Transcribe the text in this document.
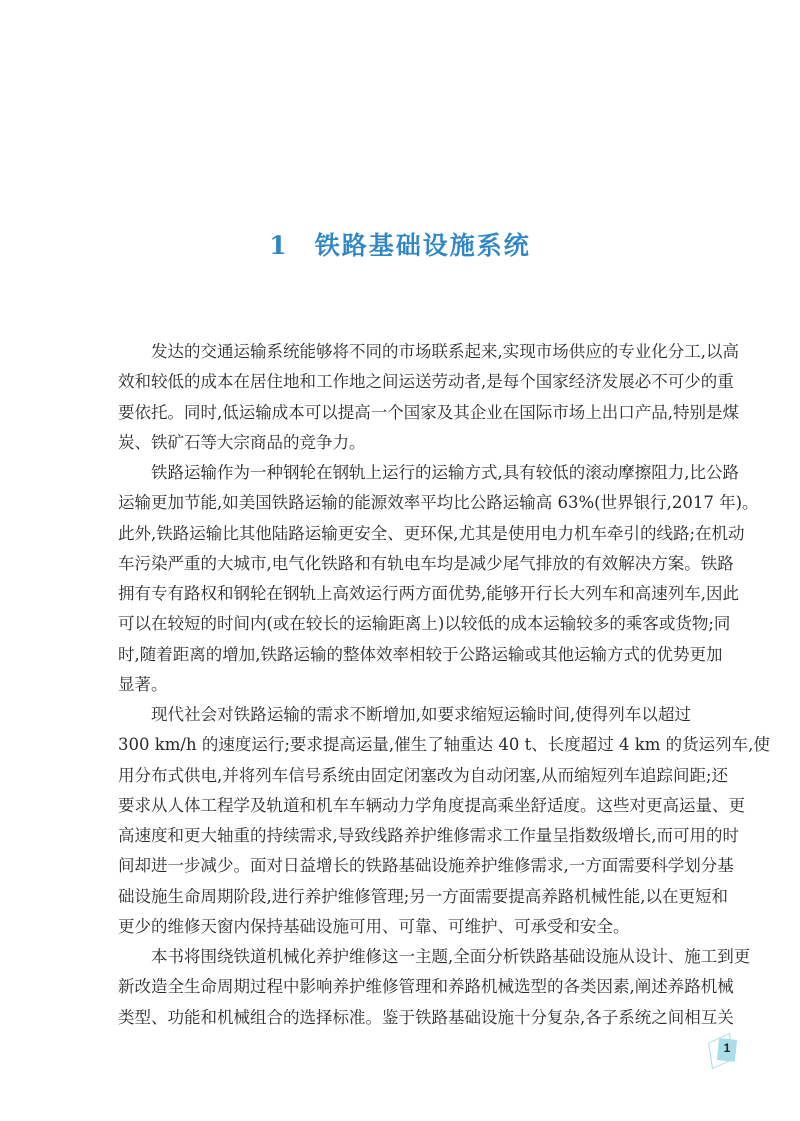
1 铁路基础设施系统
发达的交通运输系统能够将不同的市场联系起来,实现市场供应的专业化分工,以高
效和较低的成本在居住地和工作地之间运送劳动者,是每个国家经济发展必不可少的重
要依托。同时,低运输成本可以提高一个国家及其企业在国际市场上出口产品,特别是煤
炭、铁矿石等大宗商品的竞争力。
铁路运输作为一种钢轮在钢轨上运行的运输方式,具有较低的滚动摩擦阻力,比公路
运输更加节能,如美国铁路运输的能源效率平均比公路运输高 63%(世界银行,2017 年)。
此外,铁路运输比其他陆路运输更安全、更环保,尤其是使用电力机车牵引的线路;在机动
车污染严重的大城市,电气化铁路和有轨电车均是减少尾气排放的有效解决方案。铁路
拥有专有路权和钢轮在钢轨上高效运行两方面优势,能够开行长大列车和高速列车,因此
可以在较短的时间内(或在较长的运输距离上)以较低的成本运输较多的乘客或货物;同
时,随着距离的增加,铁路运输的整体效率相较于公路运输或其他运输方式的优势更加
显著。
现代社会对铁路运输的需求不断增加,如要求缩短运输时间,使得列车以超过
300 km/h 的速度运行;要求提高运量,催生了轴重达 40 t、长度超过 4 km 的货运列车,使
用分布式供电,并将列车信号系统由固定闭塞改为自动闭塞,从而缩短列车追踪间距;还
要求从人体工程学及轨道和机车车辆动力学角度提高乘坐舒适度。这些对更高运量、更
高速度和更大轴重的持续需求,导致线路养护维修需求工作量呈指数级增长,而可用的时
间却进一步减少。面对日益增长的铁路基础设施养护维修需求,一方面需要科学划分基
础设施生命周期阶段,进行养护维修管理;另一方面需要提高养路机械性能,以在更短和
更少的维修天窗内保持基础设施可用、可靠、可维护、可承受和安全。
本书将围绕铁道机械化养护维修这一主题,全面分析铁路基础设施从设计、施工到更
新改造全生命周期过程中影响养护维修管理和养路机械选型的各类因素,阐述养路机械
类型、功能和机械组合的选择标准。鉴于铁路基础设施十分复杂,各子系统之间相互关
1
